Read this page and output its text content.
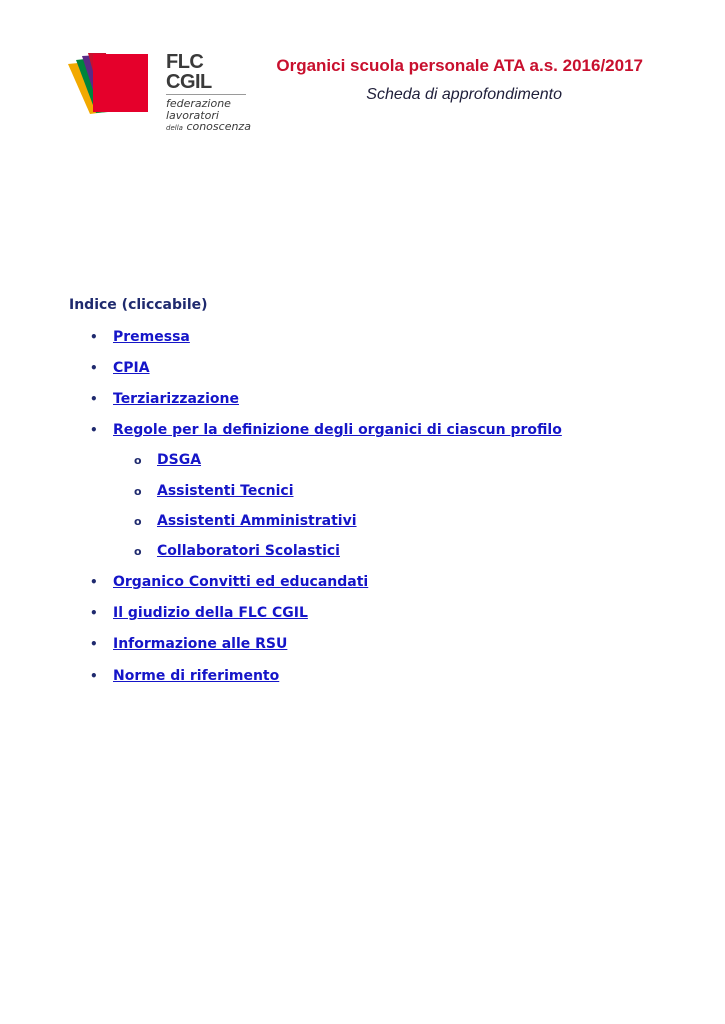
FLC CGIL
federazione
lavoratori
della conoscenza
Organici scuola personale ATA a.s. 2016/2017
Scheda di approfondimento
Indice (cliccabile)
• Premessa
• CPIA
• Terziarizzazione
• Regole per la definizione degli organici di ciascun profilo
o DSGA
o Assistenti Tecnici
o Assistenti Amministrativi
o Collaboratori Scolastici
• Organico Convitti ed educandati
• Il giudizio della FLC CGIL
• Informazione alle RSU
• Norme di riferimento
